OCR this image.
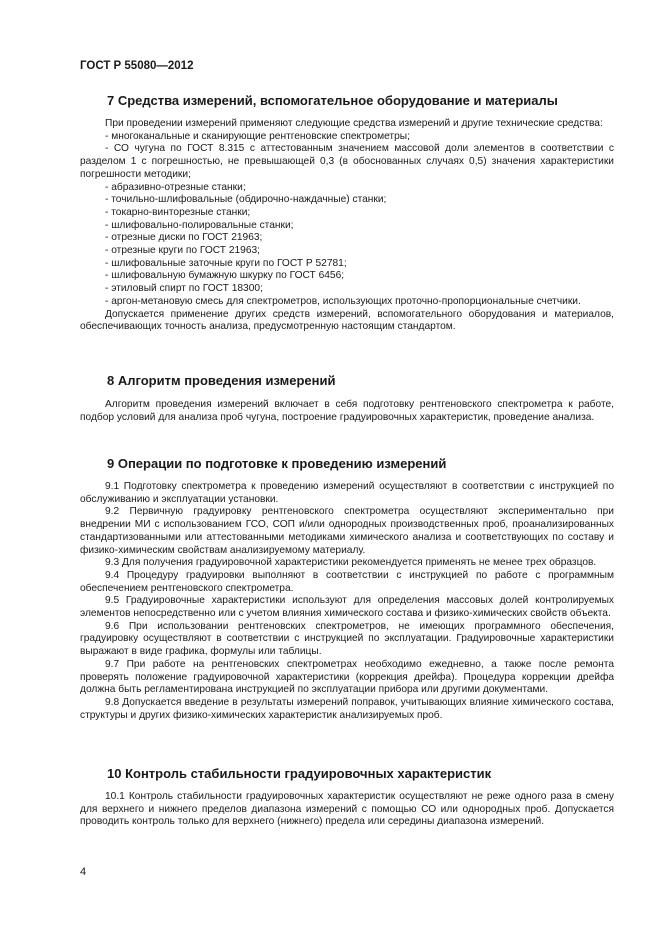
ГОСТ Р 55080—2012
7 Средства измерений, вспомогательное оборудование и материалы

При проведении измерений применяют следующие средства измерений и другие технические средства:

- многоканальные и сканирующие рентгеновские спектрометры;

- СО чугуна по ГОСТ 8.315 с аттестованным значением массовой доли элементов в соответствии с разделом 1 с погрешностью, не превышающей 0,3 (в обоснованных случаях 0,5) значения характеристики погрешности методики;

- абразивно-отрезные станки;

- точильно-шлифовальные (обдирочно-наждачные) станки;

- токарно-винторезные станки;

- шлифовально-полировальные станки;

- отрезные диски по ГОСТ 21963;

- отрезные круги по ГОСТ 21963;

- шлифовальные заточные круги по ГОСТ Р 52781;

- шлифовальную бумажную шкурку по ГОСТ 6456;

- этиловый спирт по ГОСТ 18300;

- аргон-метановую смесь для спектрометров, использующих проточно-пропорциональные счетчики.

Допускается применение других средств измерений, вспомогательного оборудования и материалов, обеспечивающих точность анализа, предусмотренную настоящим стандартом.

8 Алгоритм проведения измерений

Алгоритм проведения измерений включает в себя подготовку рентгеновского спектрометра к работе, подбор условий для анализа проб чугуна, построение градуировочных характеристик, проведение анализа.

9 Операции по подготовке к проведению измерений

9.1 Подготовку спектрометра к проведению измерений осуществляют в соответствии с инструкцией по обслуживанию и эксплуатации установки.

9.2 Первичную градуировку рентгеновского спектрометра осуществляют экспериментально при внедрении МИ с использованием ГСО, СОП и/или однородных производственных проб, проанализированных стандартизованными или аттестованными методиками химического анализа и соответствующих по составу и физико-химическим свойствам анализируемому материалу.

9.3 Для получения градуировочной характеристики рекомендуется применять не менее трех образцов.

9.4 Процедуру градуировки выполняют в соответствии с инструкцией по работе с программным обеспечением рентгеновского спектрометра.

9.5 Градуировочные характеристики используют для определения массовых долей контролируемых элементов непосредственно или с учетом влияния химического состава и физико-химических свойств объекта.

9.6 При использовании рентгеновских спектрометров, не имеющих программного обеспечения, градуировку осуществляют в соответствии с инструкцией по эксплуатации. Градуировочные характеристики выражают в виде графика, формулы или таблицы.

9.7 При работе на рентгеновских спектрометрах необходимо ежедневно, а также после ремонта проверять положение градуировочной характеристики (коррекция дрейфа). Процедура коррекции дрейфа должна быть регламентирована инструкцией по эксплуатации прибора или другими документами.

9.8 Допускается введение в результаты измерений поправок, учитывающих влияние химического состава, структуры и других физико-химических характеристик анализируемых проб.

10 Контроль стабильности градуировочных характеристик

10.1 Контроль стабильности градуировочных характеристик осуществляют не реже одного раза в смену для верхнего и нижнего пределов диапазона измерений с помощью СО или однородных проб. Допускается проводить контроль только для верхнего (нижнего) предела или середины диапазона измерений.

4
